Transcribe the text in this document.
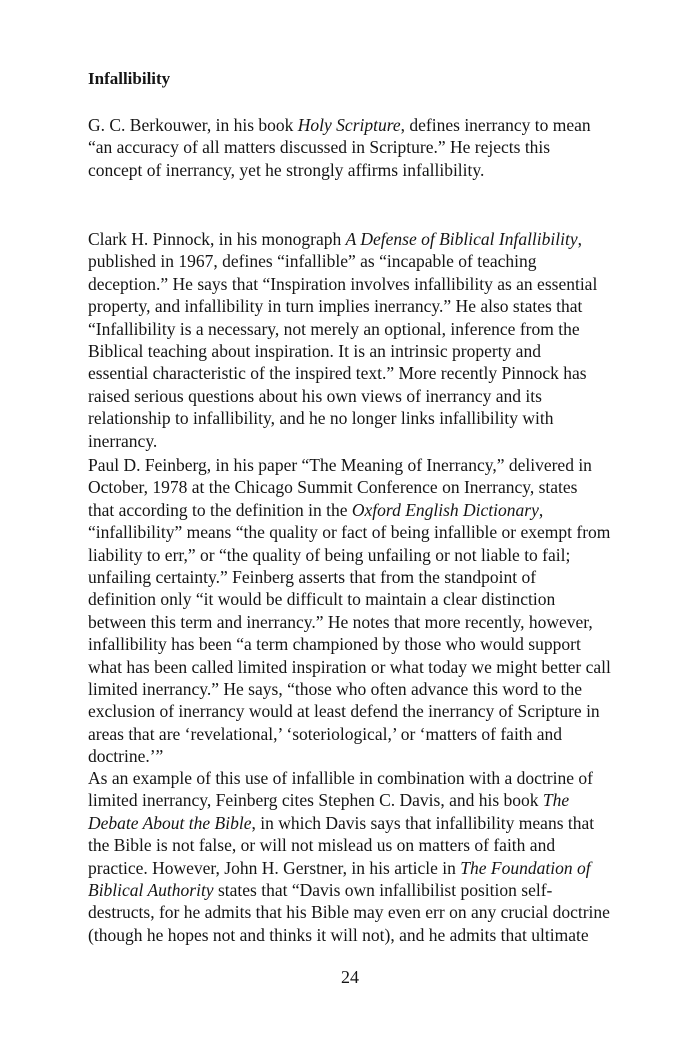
Infallibility
G. C. Berkouwer, in his book Holy Scripture, defines inerrancy to mean
“an accuracy of all matters discussed in Scripture.” He rejects this
concept of inerrancy, yet he strongly affirms infallibility.
Clark H. Pinnock, in his monograph A Defense of Biblical Infallibility,
published in 1967, defines “infallible” as “incapable of teaching
deception.” He says that “Inspiration involves infallibility as an essential
property, and infallibility in turn implies inerrancy.” He also states that
“Infallibility is a necessary, not merely an optional, inference from the
Biblical teaching about inspiration. It is an intrinsic property and
essential characteristic of the inspired text.” More recently Pinnock has
raised serious questions about his own views of inerrancy and its
relationship to infallibility, and he no longer links infallibility with
inerrancy.
Paul D. Feinberg, in his paper “The Meaning of Inerrancy,” delivered in
October, 1978 at the Chicago Summit Conference on Inerrancy, states
that according to the definition in the Oxford English Dictionary,
“infallibility” means “the quality or fact of being infallible or exempt from
liability to err,” or “the quality of being unfailing or not liable to fail;
unfailing certainty.” Feinberg asserts that from the standpoint of
definition only “it would be difficult to maintain a clear distinction
between this term and inerrancy.” He notes that more recently, however,
infallibility has been “a term championed by those who would support
what has been called limited inspiration or what today we might better call
limited inerrancy.” He says, “those who often advance this word to the
exclusion of inerrancy would at least defend the inerrancy of Scripture in
areas that are ‘revelational,’ ‘soteriological,’ or ‘matters of faith and
doctrine.’”
As an example of this use of infallible in combination with a doctrine of
limited inerrancy, Feinberg cites Stephen C. Davis, and his book The
Debate About the Bible, in which Davis says that infallibility means that
the Bible is not false, or will not mislead us on matters of faith and
practice. However, John H. Gerstner, in his article in The Foundation of
Biblical Authority states that “Davis own infallibilist position self-
destructs, for he admits that his Bible may even err on any crucial doctrine
(though he hopes not and thinks it will not), and he admits that ultimate
24
